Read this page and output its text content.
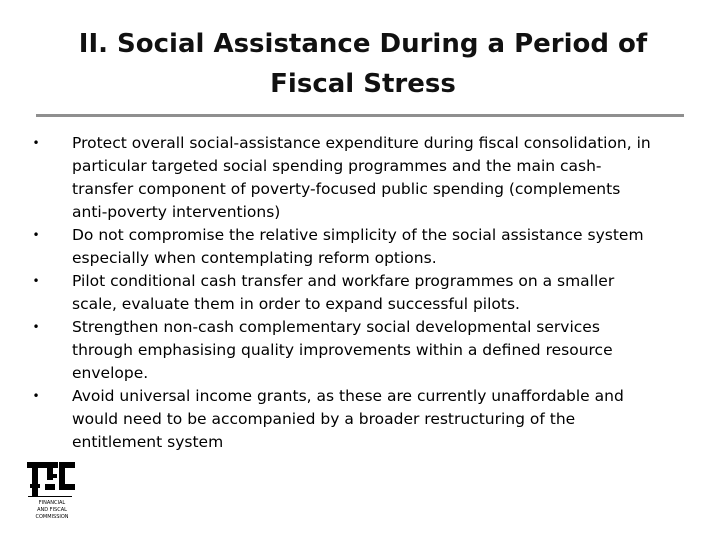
II. Social Assistance During a Period of
Fiscal Stress
• Protect overall social-assistance expenditure during fiscal consolidation, in
particular targeted social spending programmes and the main cash-
transfer component of poverty-focused public spending (complements
anti-poverty interventions)
• Do not compromise the relative simplicity of the social assistance system
especially when contemplating reform options.
• Pilot conditional cash transfer and workfare programmes on a smaller
scale, evaluate them in order to expand successful pilots.
• Strengthen non-cash complementary social developmental services
through emphasising quality improvements within a defined resource
envelope.
• Avoid universal income grants, as these are currently unaffordable and
would need to be accompanied by a broader restructuring of the
entitlement system
FINANCIAL
AND FISCAL
COMMISSION
